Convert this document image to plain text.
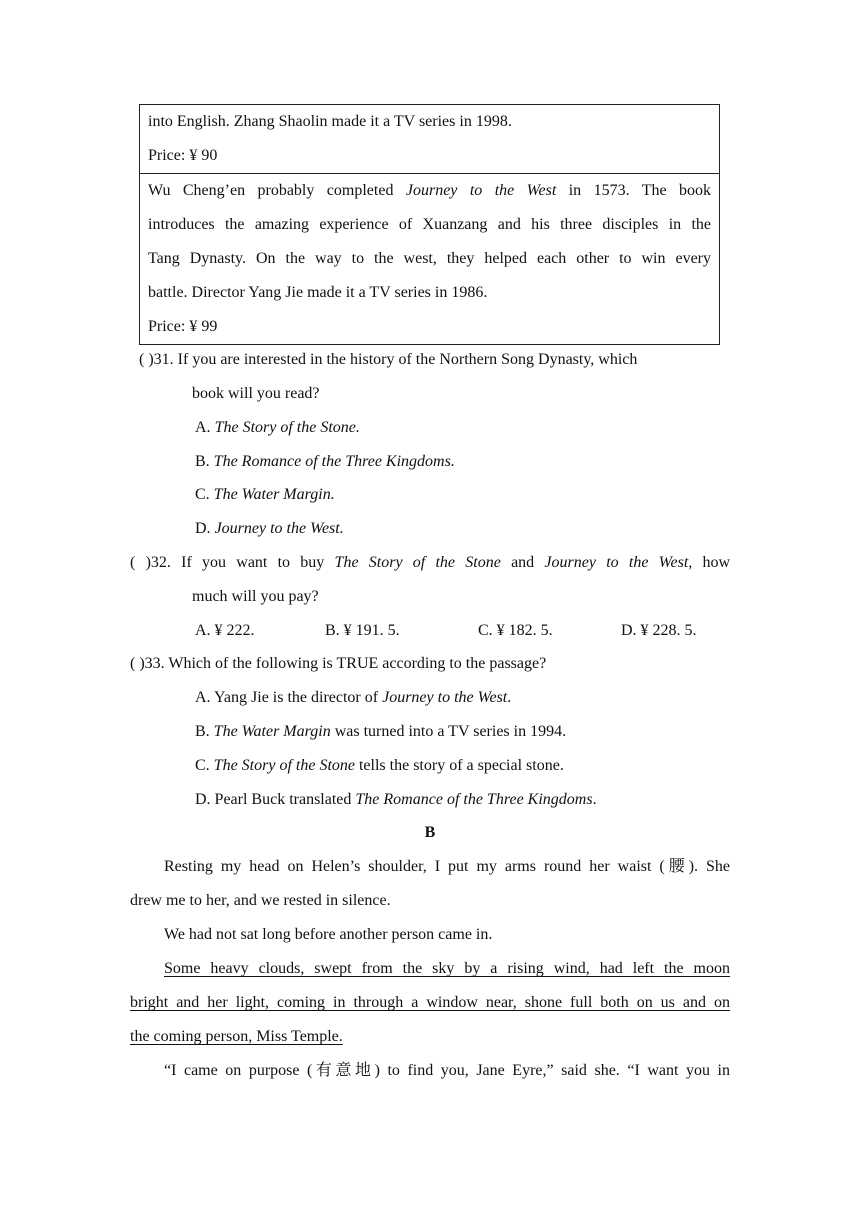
into English. Zhang Shaolin made it a TV series in 1998.
Price: ¥ 90
Wu Cheng’en probably completed Journey to the West in 1573. The book
introduces the amazing experience of Xuanzang and his three disciples in the
Tang Dynasty. On the way to the west, they helped each other to win every
battle. Director Yang Jie made it a TV series in 1986.
Price: ¥ 99
( )31. If you are interested in the history of the Northern Song Dynasty, which
book will you read?
A. The Story of the Stone.
B. The Romance of the Three Kingdoms.
C. The Water Margin.
D. Journey to the West.
( )32. If you want to buy The Story of the Stone and Journey to the West, how
much will you pay?
A. ¥ 222.	B. ¥ 191. 5.	C. ¥ 182. 5.	D. ¥ 228. 5.
( )33. Which of the following is TRUE according to the passage?
A. Yang Jie is the director of Journey to the West.
B. The Water Margin was turned into a TV series in 1994.
C. The Story of the Stone tells the story of a special stone.
D. Pearl Buck translated The Romance of the Three Kingdoms.
B
Resting my head on Helen’s shoulder, I put my arms round her waist (腰). She
drew me to her, and we rested in silence.
We had not sat long before another person came in.
Some heavy clouds, swept from the sky by a rising wind, had left the moon
bright and her light, coming in through a window near, shone full both on us and on
the coming person, Miss Temple.
“I came on purpose (有意地) to find you, Jane Eyre,” said she. “I want you in
